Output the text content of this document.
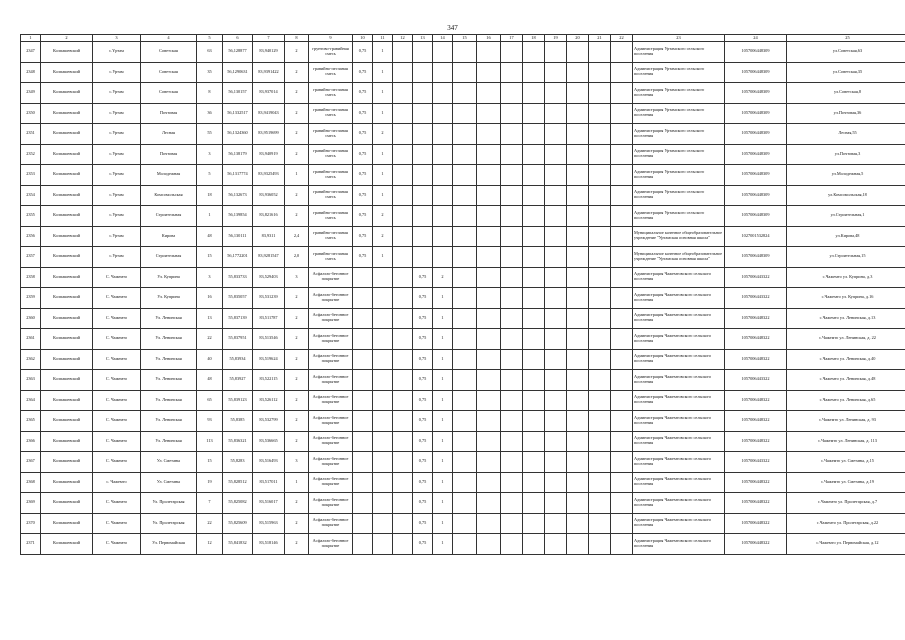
347
1	2	3	4	5	6	7	8	9	10	11	12	13	14	15	16	17	18	19	20	21	22	23	24	25
2347	Колпашевский	с.Үртам	Советская	63	56,128877	83,940129	2	грунтово-гравийная смесь	0,75	1												Администрация Уртамского сельского поселения	1057006448309	ул.Советская,63
2348	Колпашевский	с.Уртам	Советская	35	56,1290631	83,9391422	2	гравийно-песчаная смесь	0,75	1												Администрация Уртамского сельского поселения	1057006448309	ул.Советская,35
2349	Колпашевский	с.Уртам	Советская	8	56,130157	83,937014	2	гравийно-песчаная смесь	0,75	1												Администрация Уртамского сельского поселения	1057006448309	ул.Советская,8
2350	Колпашевский	с.Уртам	Почтовая	36	56,1332517	83,9419043	2	гравийно-песчаная смесь	0,75	1												Администрация Уртамского сельского поселения	1057006448309	ул.Почтовая,36
2351	Колпашевский	с.Уртам	Лесная	55	56,1324360	83,9519699	2	гравийно-песчаная смесь	0,75	2												Администрация Уртамского сельского поселения	1057006448309	Лесная,55
2352	Колпашевский	с.Уртам	Почтовая	3	56,138179	83,940919	2	гравийно-песчаная смесь	0,75	1												Администрация Уртамского сельского поселения	1057006448309	ул.Почтовая,3
2353	Колпашевский	с.Уртам	Молодежная	5	56,1317774	83,9325493	1	гравийно-песчаная смесь	0,75	1												Администрация Уртамского сельского поселения	1057006448309	ул.Молодежная,5
2354	Колпашевский	с.Уртам	Комсомольская	18	56,132673	83,936052	2	гравийно-песчаная смесь	0,75	1												Администрация Уртамского сельского поселения	1057006448309	ул.Комсомольская,18
2355	Колпашевский	с.Уртам	Строительная	1	56,139854	83,821616	2	гравийно-песчаная смесь	0,75	2												Администрация Уртамского сельского поселения	1057006448309	ул.Строительная,1
2356	Колпашевский	с.Уртам	Кирова	48	56,130111	83,9311	2,4	гравийно-песчаная смесь	0,75	2												Муниципальное казенное общеобразовательное учреждение "Уртамская основная школа"	1027001532824	ул.Кирова,48
2357	Колпашевский	с.Уртам	Строительная	15	56,1772201	83,9281547	2,0	гравийно-песчаная смесь	0,75	1												Муниципальное казенное общеобразовательное учреждение "Уртамская основная школа"	1057006448309	ул.Строительная,15
2358	Колпашевский	С. Чажемто	Ул. Куприна	3	55,833733	83,529403	3	Асфальто-бетонное покрытие				0,75	2									Администрация Чажемтовского сельского поселения	1057006443322	с.Чажемто ул. Куприна, д.3
2359	Колпашевский	С. Чажемто	Ул. Куприна	16	55,835057	83,531239	2	Асфальто-бетонное покрытие				0,75	1									Администрация Чажемтовского сельского поселения	1057006443322	с.Чажемто ул. Куприна, д.16
2360	Колпашевский	С. Чажемто	Ул. Ленинская	13	55,837139	83,511787	2	Асфальто-бетонное покрытие				0,75	1									Администрация Чажемтовского сельского поселения	1057006448322	с.Чажемто ул. Ленинская, д.13
2361	Колпашевский	С. Чажемто	Ул. Ленинская	22	55,837951	83,513546	2	Асфальто-бетонное покрытие				0,75	1									Администрация Чажемтовского сельского поселения	1057006448322	с.Чажемто ул. Ленинская, д. 22
2362	Колпашевский	С. Чажемто	Ул. Ленинская	40	55,83934	83,519624	2	Асфальто-бетонное покрытие				0,75	1									Администрация Чажемтовского сельского поселения	1057006448322	с.Чажемто ул. Ленинская, д.40
2363	Колпашевский	С. Чажемто	Ул. Ленинская	48	55,83927	83,522115	2	Асфальто-бетонное покрытие				0,75	1									Администрация Чажемтовского сельского поселения	1057006443322	с.Чажемто ул. Ленинская, д.48
2364	Колпашевский	С. Чажемто	Ул. Ленинская	65	55,839123	83,526112	2	Асфальто-бетонное покрытие				0,75	1									Администрация Чажемтовского сельского поселения	1057006448322	с.Чажемто ул. Ленинская, д.65
2365	Колпашевский	С. Чажемто	Ул. Ленинская	93	55,8385	83,532799	2	Асфальто-бетонное покрытие				0,75	1									Администрация Чажемтовского сельского поселения	1057006448322	с.Чажемто ул. Ленинская, д. 93
2366	Колпашевский	С. Чажемто	Ул. Ленинская	113	55,836321	83,536665	2	Асфальто-бетонное покрытие				0,75	1									Администрация Чажемтовского сельского поселения	1057006448322	с.Чажемто ул. Ленинская, д. 113
2367	Колпашевский	С. Чажемто	Ул. Сметаны	15	55,8283	83,516493	3	Асфальто-бетонное покрытие				0,75	1									Администрация Чажемтовского сельского поселения	1057006443322	с.Чажемто ул. Сметаны, д.15
2368	Колпашевский	с. Чажемто	Ул. Сметаны	19	55,828512	83,517011	1	Асфальто-бетонное покрытие				0,75	1									Администрация Чажемтовского сельского поселения	1057006448322	с.Чажемто ул. Сметаны, д.19
2369	Колпашевский	С. Чажемто	Ул. Пролетарская	7	55,825082	83,516017	2	Асфальто-бетонное покрытие				0,75	1									Администрация Чажемтовского сельского поселения	1057006448322	с.Чажемто ул. Пролетарская, д.7
2370	Колпашевский	С. Чажемто	Ул. Пролетарская	22	55,825609	83,515963	2	Асфальто-бетонное покрытие				0,75	1									Администрация Чажемтовского сельского поселения	1057006448322	с.Чажемто ул. Пролетарская, д.22
2371	Колпашевский	С. Чажемто	Ул. Первомайская	12	55,841832	83,518146	2	Асфальто-бетонное покрытие				0,75	1									Администрация Чажемтовского сельского поселения	1057006448322	с.Чажемто ул. Первомайская, д.12
